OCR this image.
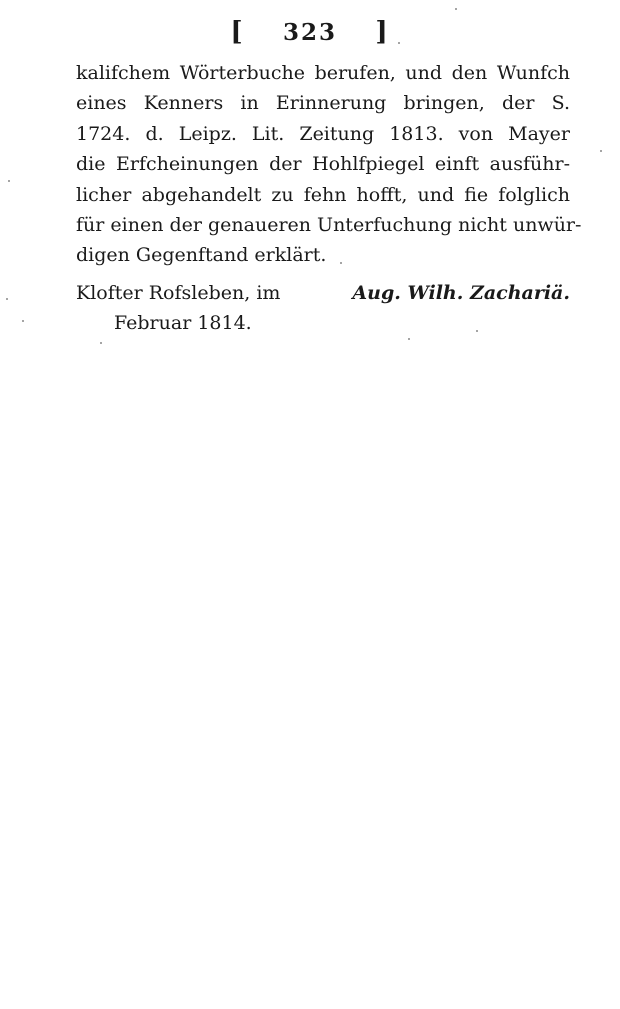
[ 323 ]
kalifchem Wörterbuche berufen, und den Wunfch
eines Kenners in Erinnerung bringen, der S.
1724. d. Leipz. Lit. Zeitung 1813. von Mayer
die Erfcheinungen der Hohlfpiegel einft ausführ-
licher abgehandelt zu fehn hofft, und fie folglich
für einen der genaueren Unterfuchung nicht unwür-
digen Gegenftand erklärt.
Klofter Rofsleben, im	Aug. Wilh. Zachariä.
Februar 1814.
